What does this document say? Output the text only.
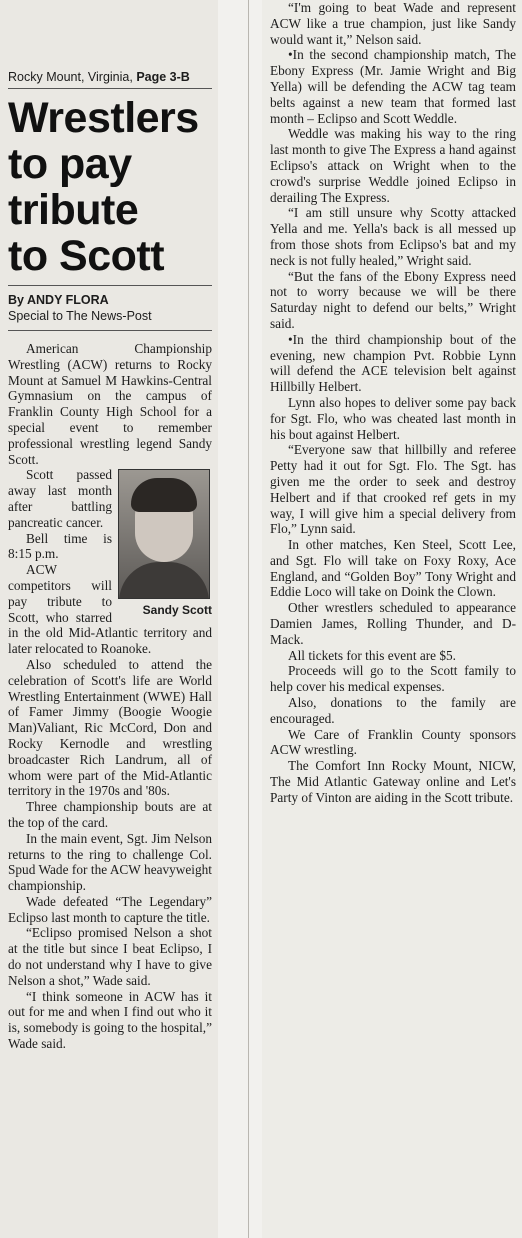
Rocky Mount, Virginia, Page 3-B
Wrestlers
to pay
tribute
to Scott
By ANDY FLORA
Special to The News-Post

American Championship Wrestling (ACW) returns to Rocky Mount at Samuel M Hawkins-Central Gymnasium on the campus of Franklin County High School for a special event to remember professional wrestling legend Sandy Scott.

Sandy Scott

Scott passed away last month after battling pancreatic cancer.

Bell time is 8:15 p.m.

ACW competitors will pay tribute to Scott, who starred in the old Mid-Atlantic territory and later relocated to Roanoke.

Also scheduled to attend the celebration of Scott's life are World Wrestling Entertainment (WWE) Hall of Famer Jimmy (Boogie Woogie Man)Valiant, Ric McCord, Don and Rocky Kernodle and wrestling broadcaster Rich Landrum, all of whom were part of the Mid-Atlantic territory in the 1970s and '80s.

Three championship bouts are at the top of the card.

In the main event, Sgt. Jim Nelson returns to the ring to challenge Col. Spud Wade for the ACW heavyweight championship.

Wade defeated “The Legendary” Eclipso last month to capture the title.

“Eclipso promised Nelson a shot at the title but since I beat Eclipso, I do not understand why I have to give Nelson a shot,” Wade said.

“I think someone in ACW has it out for me and when I find out who it is, somebody is going to the hospital,” Wade said.

“I'm going to beat Wade and represent ACW like a true champion, just like Sandy would want it,” Nelson said.

•In the second championship match, The Ebony Express (Mr. Jamie Wright and Big Yella) will be defending the ACW tag team belts against a new team that formed last month – Eclipso and Scott Weddle.

Weddle was making his way to the ring last month to give The Express a hand against Eclipso's attack on Wright when to the crowd's surprise Weddle joined Eclipso in derailing The Express.

“I am still unsure why Scotty attacked Yella and me. Yella's back is all messed up from those shots from Eclipso's bat and my neck is not fully healed,” Wright said.

“But the fans of the Ebony Express need not to worry because we will be there Saturday night to defend our belts,” Wright said.

•In the third championship bout of the evening, new champion Pvt. Robbie Lynn will defend the ACE television belt against Hillbilly Helbert.

Lynn also hopes to deliver some pay back for Sgt. Flo, who was cheated last month in his bout against Helbert.

“Everyone saw that hillbilly and referee Petty had it out for Sgt. Flo. The Sgt. has given me the order to seek and destroy Helbert and if that crooked ref gets in my way, I will give him a special delivery from Flo,” Lynn said.

In other matches, Ken Steel, Scott Lee, and Sgt. Flo will take on Foxy Roxy, Ace England, and “Golden Boy” Tony Wright and Eddie Loco will take on Doink the Clown.

Other wrestlers scheduled to appearance Damien James, Rolling Thunder, and D-Mack.

All tickets for this event are $5.

Proceeds will go to the Scott family to help cover his medical expenses.

Also, donations to the family are encouraged.

We Care of Franklin County sponsors ACW wrestling.

The Comfort Inn Rocky Mount, NICW, The Mid Atlantic Gateway online and Let's Party of Vinton are aiding in the Scott tribute.
